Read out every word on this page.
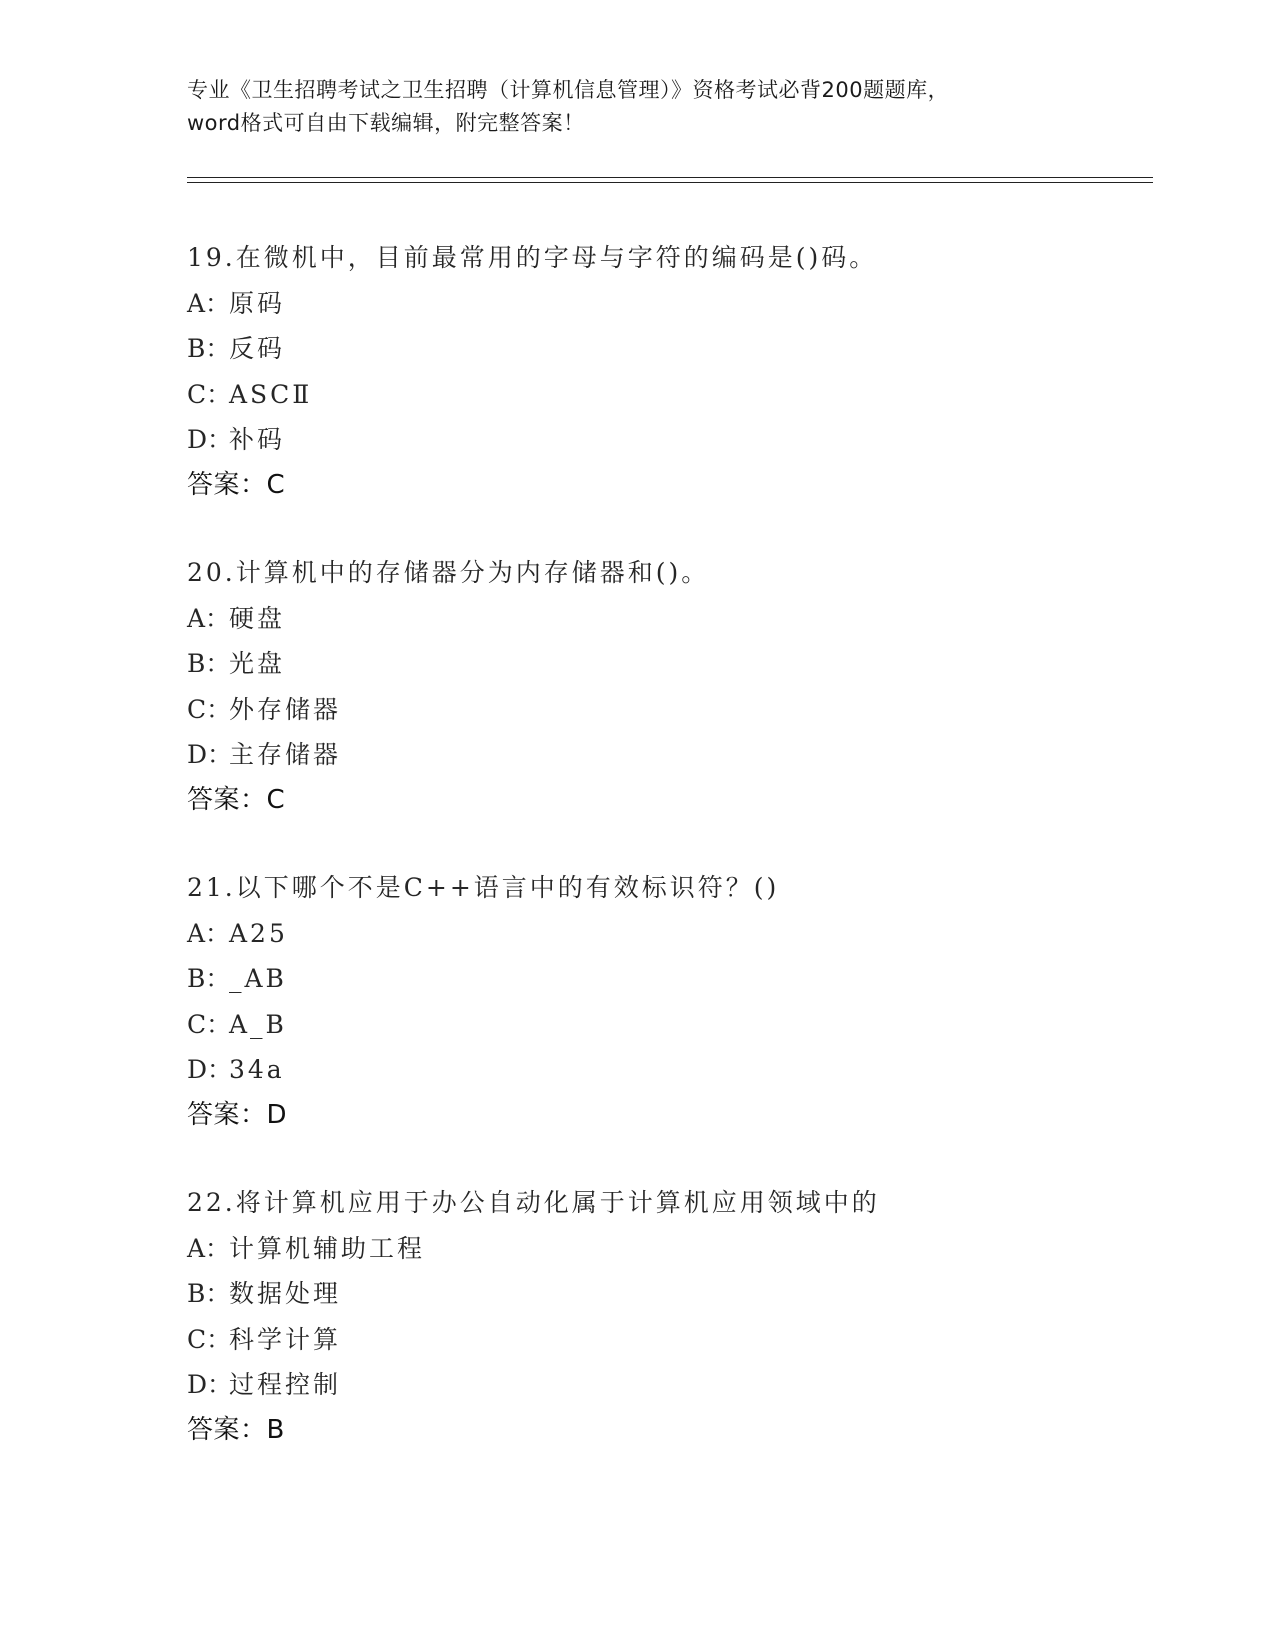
专业《卫生招聘考试之卫生招聘（计算机信息管理）》资格考试必背200题题库，
word格式可自由下载编辑，附完整答案！
19.在微机中，目前最常用的字母与字符的编码是()码。
A：原码
B：反码
C：ASCⅡ
D：补码
答案：C
20.计算机中的存储器分为内存储器和()。
A：硬盘
B：光盘
C：外存储器
D：主存储器
答案：C
21.以下哪个不是C++语言中的有效标识符？()
A：A25
B：_AB
C：A_B
D：34a
答案：D
22.将计算机应用于办公自动化属于计算机应用领域中的
A：计算机辅助工程
B：数据处理
C：科学计算
D：过程控制
答案：B
